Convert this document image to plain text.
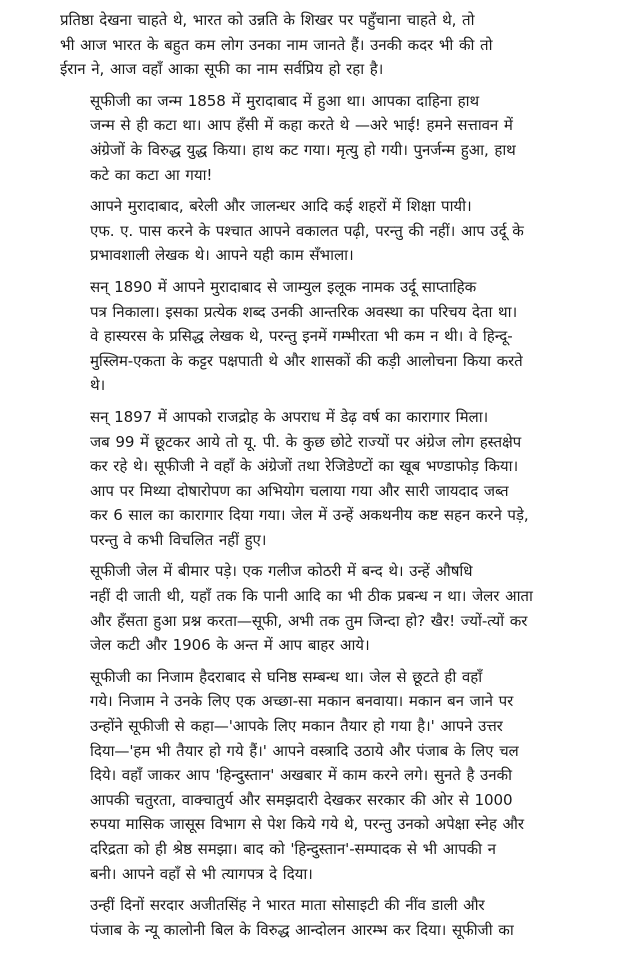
प्रतिष्ठा देखना चाहते थे, भारत को उन्नति के शिखर पर पहुँचाना चाहते थे, तो
भी आज भारत के बहुत कम लोग उनका नाम जानते हैं। उनकी कदर भी की तो
ईरान ने, आज वहाँ आका सूफी का नाम सर्वप्रिय हो रहा है।

सूफीजी का जन्म 1858 में मुरादाबाद में हुआ था। आपका दाहिना हाथ
जन्म से ही कटा था। आप हँसी में कहा करते थे —अरे भाई! हमने सत्तावन में
अंग्रेजों के विरुद्ध युद्ध किया। हाथ कट गया। मृत्यु हो गयी। पुनर्जन्म हुआ, हाथ
कटे का कटा आ गया!

आपने मुरादाबाद, बरेली और जालन्धर आदि कई शहरों में शिक्षा पायी।
एफ. ए. पास करने के पश्चात आपने वकालत पढ़ी, परन्तु की नहीं। आप उर्दू के
प्रभावशाली लेखक थे। आपने यही काम सँभाला।

सन् 1890 में आपने मुरादाबाद से जाम्युल इलूक नामक उर्दू साप्ताहिक
पत्र निकाला। इसका प्रत्येक शब्द उनकी आन्तरिक अवस्था का परिचय देता था।
वे हास्यरस के प्रसिद्ध लेखक थे, परन्तु इनमें गम्भीरता भी कम न थी। वे हिन्दू-
मुस्लिम-एकता के कट्टर पक्षपाती थे और शासकों की कड़ी आलोचना किया करते
थे।

सन् 1897 में आपको राजद्रोह के अपराध में डेढ़ वर्ष का कारागार मिला।
जब 99 में छूटकर आये तो यू. पी. के कुछ छोटे राज्यों पर अंग्रेज लोग हस्तक्षेप
कर रहे थे। सूफीजी ने वहाँ के अंग्रेजों तथा रेजिडेण्टों का खूब भण्डाफोड़ किया।
आप पर मिथ्या दोषारोपण का अभियोग चलाया गया और सारी जायदाद जब्त
कर 6 साल का कारागार दिया गया। जेल में उन्हें अकथनीय कष्ट सहन करने पड़े,
परन्तु वे कभी विचलित नहीं हुए।

सूफीजी जेल में बीमार पड़े। एक गलीज कोठरी में बन्द थे। उन्हें औषधि
नहीं दी जाती थी, यहाँ तक कि पानी आदि का भी ठीक प्रबन्ध न था। जेलर आता
और हँसता हुआ प्रश्न करता—सूफी, अभी तक तुम जिन्दा हो? खैर! ज्यों-त्यों कर
जेल कटी और 1906 के अन्त में आप बाहर आये।

सूफीजी का निजाम हैदराबाद से घनिष्ठ सम्बन्ध था। जेल से छूटते ही वहाँ
गये। निजाम ने उनके लिए एक अच्छा-सा मकान बनवाया। मकान बन जाने पर
उन्होंने सूफीजी से कहा—'आपके लिए मकान तैयार हो गया है।' आपने उत्तर
दिया—'हम भी तैयार हो गये हैं।' आपने वस्त्रादि उठाये और पंजाब के लिए चल
दिये। वहाँ जाकर आप 'हिन्दुस्तान' अखबार में काम करने लगे। सुनते है उनकी
आपकी चतुरता, वाक्चातुर्य और समझदारी देखकर सरकार की ओर से 1000
रुपया मासिक जासूस विभाग से पेश किये गये थे, परन्तु उनको अपेक्षा स्नेह और
दरिद्रता को ही श्रेष्ठ समझा। बाद को 'हिन्दुस्तान'-सम्पादक से भी आपकी न
बनी। आपने वहाँ से भी त्यागपत्र दे दिया।

उन्हीं दिनों सरदार अजीतसिंह ने भारत माता सोसाइटी की नींव डाली और
पंजाब के न्यू कालोनी बिल के विरुद्ध आन्दोलन आरम्भ कर दिया। सूफीजी का
